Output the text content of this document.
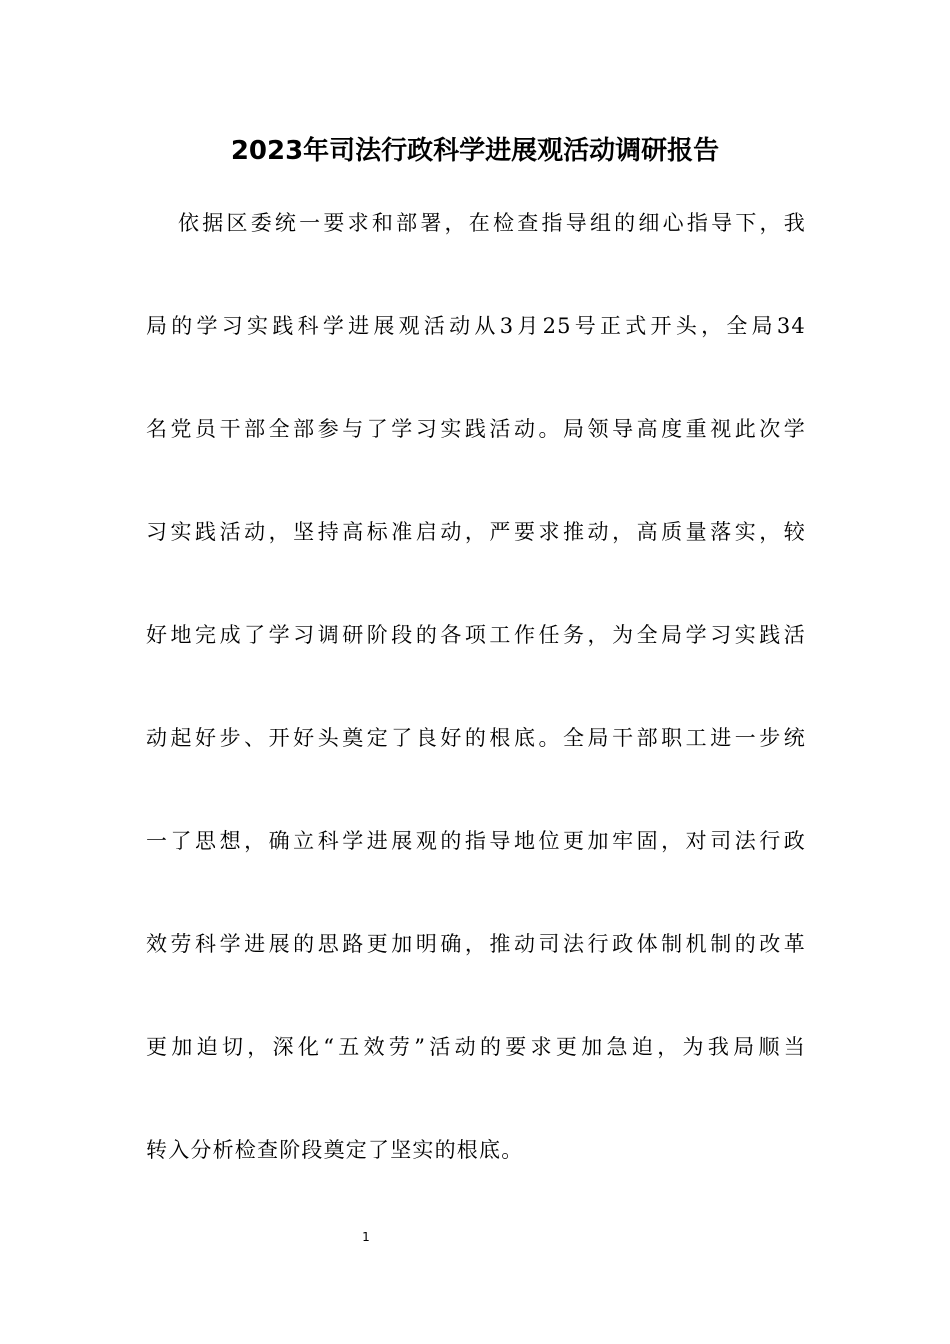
2023年司法行政科学进展观活动调研报告
依据区委统一要求和部署，在检查指导组的细心指导下，我
局的学习实践科学进展观活动从3月25号正式开头，全局34
名党员干部全部参与了学习实践活动。局领导高度重视此次学
习实践活动，坚持高标准启动，严要求推动，高质量落实，较
好地完成了学习调研阶段的各项工作任务，为全局学习实践活
动起好步、开好头奠定了良好的根底。全局干部职工进一步统
一了思想，确立科学进展观的指导地位更加牢固，对司法行政
效劳科学进展的思路更加明确，推动司法行政体制机制的改革
更加迫切，深化“五效劳”活动的要求更加急迫，为我局顺当
转入分析检查阶段奠定了坚实的根底。
1
